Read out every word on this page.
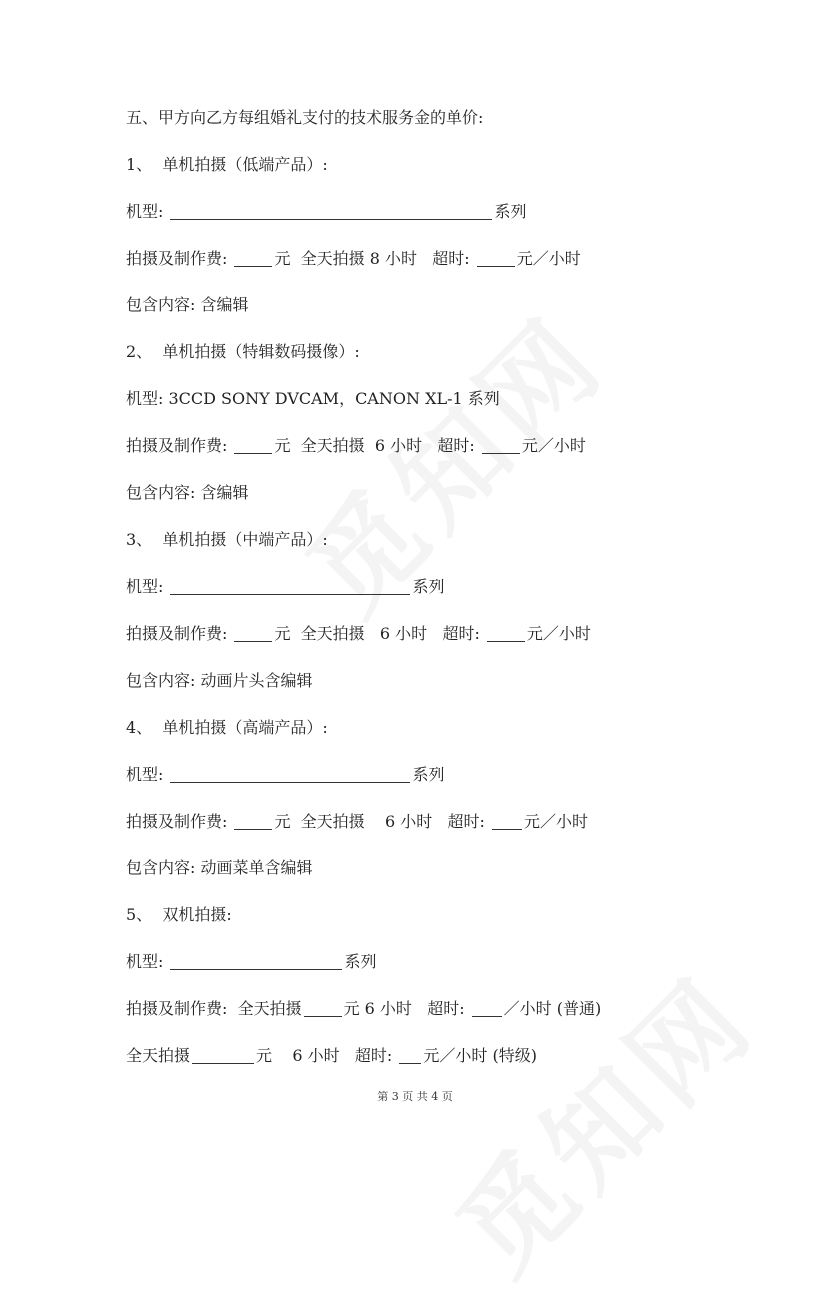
五、甲方向乙方每组婚礼支付的技术服务金的单价:
1、  单机拍摄（低端产品）:
机型:	系列
拍摄及制作费:	元  全天拍摄 8 小时   超时:	元／小时
包含内容: 含编辑
2、  单机拍摄（特辑数码摄像）:
机型: 3CCD SONY DVCAM，CANON XL-1 系列
拍摄及制作费:	元  全天拍摄  6 小时   超时:	元／小时
包含内容: 含编辑
3、  单机拍摄（中端产品）:
机型:	系列
拍摄及制作费:	元  全天拍摄   6 小时   超时:	元／小时
包含内容: 动画片头含编辑
4、  单机拍摄（高端产品）:
机型:	系列
拍摄及制作费:	元  全天拍摄    6 小时   超时: 元／小时
包含内容: 动画菜单含编辑
5、  双机拍摄:
机型:	系列
拍摄及制作费:  全天拍摄	元 6 小时   超时: ／小时 (普通)
全天拍摄	元    6 小时   超时: 元／小时 (特级)
第 3 页 共 4 页
